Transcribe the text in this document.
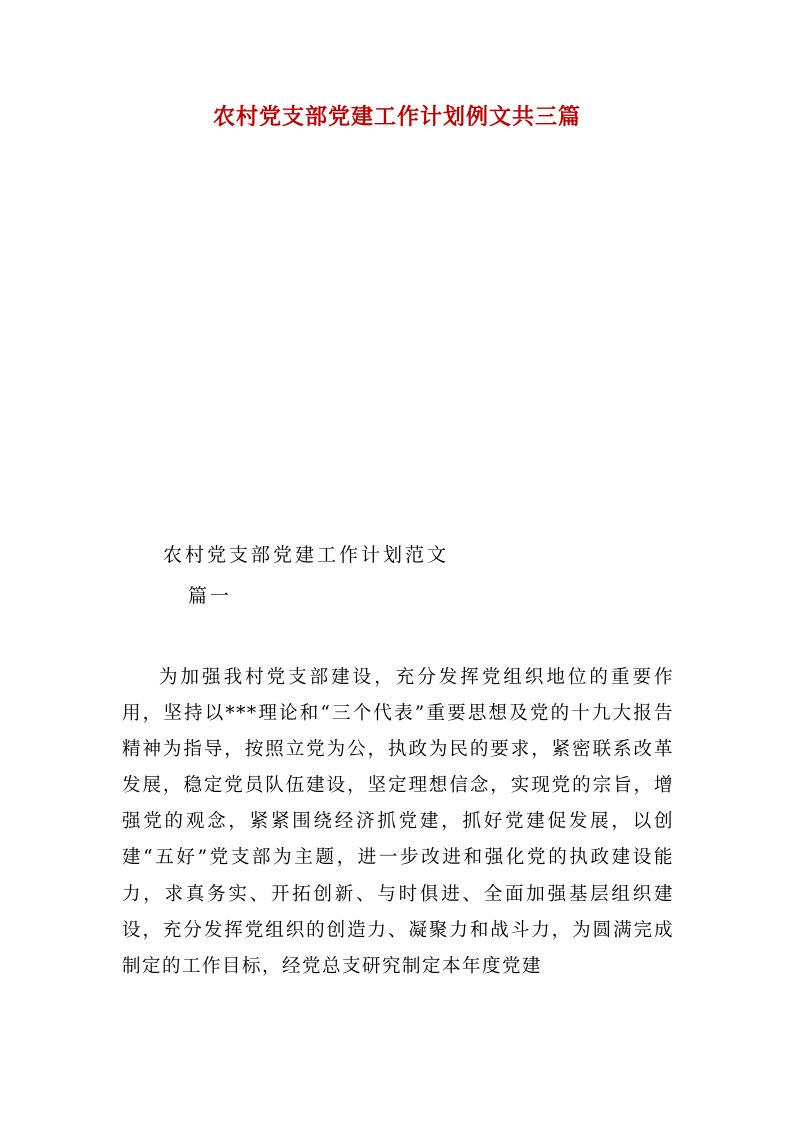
农村党支部党建工作计划例文共三篇

农村党支部党建工作计划范文

篇一

为加强我村党支部建设，充分发挥党组织地位的重要作用，坚持以***理论和“三个代表”重要思想及党的十九大报告精神为指导，按照立党为公，执政为民的要求，紧密联系改革发展，稳定党员队伍建设，坚定理想信念，实现党的宗旨，增强党的观念，紧紧围绕经济抓党建，抓好党建促发展，以创建“五好”党支部为主题，进一步改进和强化党的执政建设能力，求真务实、开拓创新、与时俱进、全面加强基层组织建设，充分发挥党组织的创造力、凝聚力和战斗力，为圆满完成制定的工作目标，经党总支研究制定本年度党建
